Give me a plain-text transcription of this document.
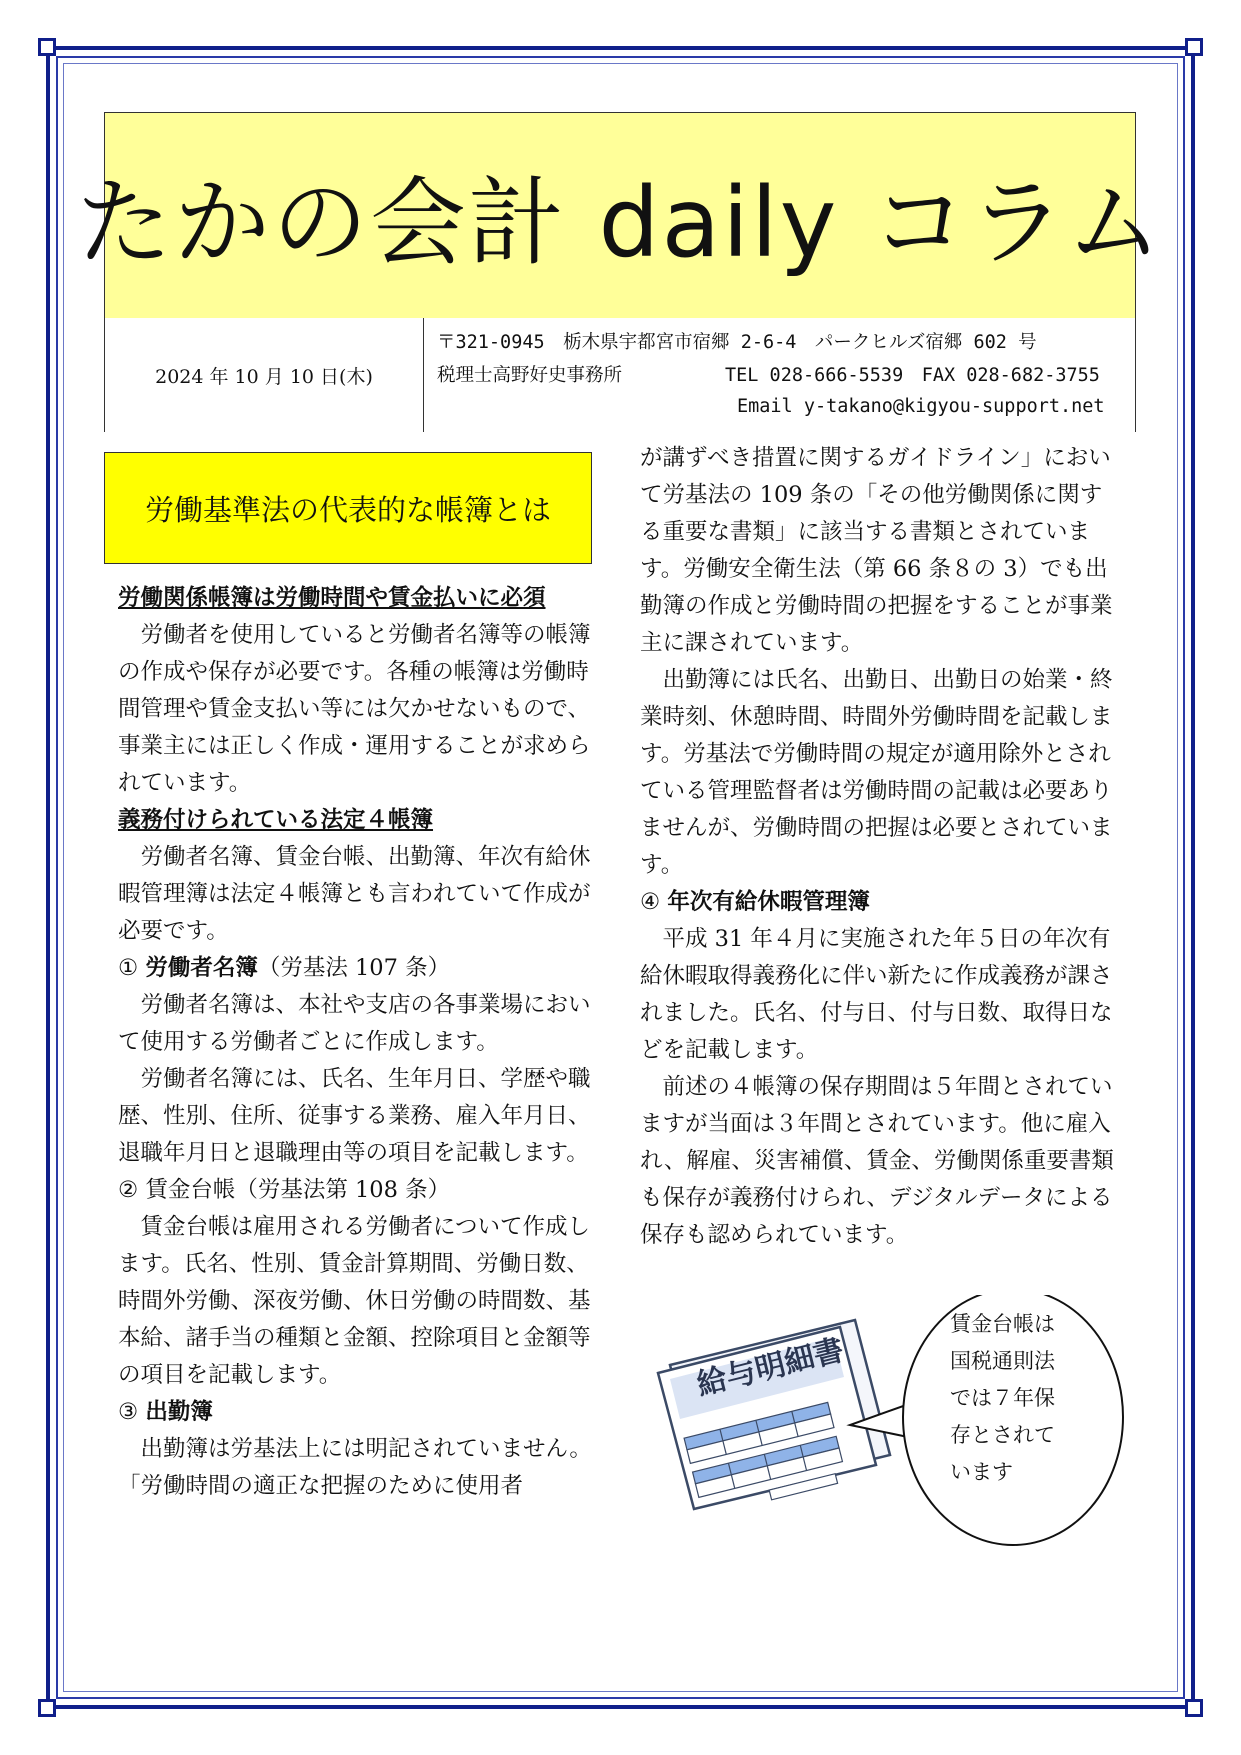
たかの会計 daily コラム
2024 年 10 月 10 日(木)
〒321-0945　栃木県宇都宮市宿郷 2-6-4　パークヒルズ宿郷 602 号
税理士高野好史事務所	TEL 028-666-5539　FAX 028-682-3755
Email y-takano@kigyou-support.net
労働基準法の代表的な帳簿とは

労働関係帳簿は労働時間や賃金払いに必須

労働者を使用していると労働者名簿等の帳簿の作成や保存が必要です。各種の帳簿は労働時間管理や賃金支払い等には欠かせないもので、事業主には正しく作成・運用することが求められています。

義務付けられている法定４帳簿

労働者名簿、賃金台帳、出勤簿、年次有給休暇管理簿は法定４帳簿とも言われていて作成が必要です。

① 労働者名簿（労基法 107 条）

労働者名簿は、本社や支店の各事業場において使用する労働者ごとに作成します。

労働者名簿には、氏名、生年月日、学歴や職歴、性別、住所、従事する業務、雇入年月日、退職年月日と退職理由等の項目を記載します。

② 賃金台帳（労基法第 108 条）

賃金台帳は雇用される労働者について作成します。氏名、性別、賃金計算期間、労働日数、時間外労働、深夜労働、休日労働の時間数、基本給、諸手当の種類と金額、控除項目と金額等の項目を記載します。

③ 出勤簿

出勤簿は労基法上には明記されていません。「労働時間の適正な把握のために使用者

が講ずべき措置に関するガイドライン」において労基法の 109 条の「その他労働関係に関する重要な書類」に該当する書類とされています。労働安全衛生法（第 66 条８の 3）でも出勤簿の作成と労働時間の把握をすることが事業主に課されています。

出勤簿には氏名、出勤日、出勤日の始業・終業時刻、休憩時間、時間外労働時間を記載します。労基法で労働時間の規定が適用除外とされている管理監督者は労働時間の記載は必要ありませんが、労働時間の把握は必要とされています。

④ 年次有給休暇管理簿

平成 31 年４月に実施された年５日の年次有給休暇取得義務化に伴い新たに作成義務が課されました。氏名、付与日、付与日数、取得日などを記載します。

前述の４帳簿の保存期間は５年間とされていますが当面は３年間とされています。他に雇入れ、解雇、災害補償、賃金、労働関係重要書類も保存が義務付けられ、デジタルデータによる保存も認められています。

給与明細書
賃金台帳は
国税通則法
では７年保
存とされて
います
